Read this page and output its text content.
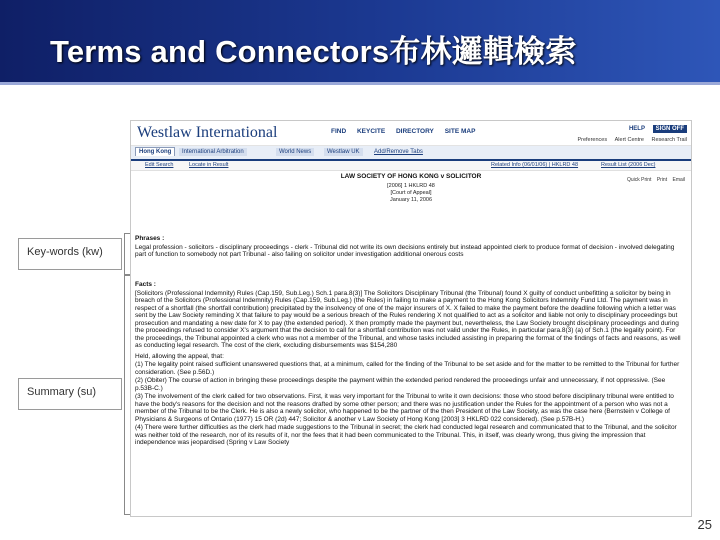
Terms and Connectors布林邏輯檢索
Key-words (kw)
Summary (su)
Westlaw International	FIND KEYCITE DIRECTORY SITE MAP	HELP SIGN OFF
Preferences Alert Centre Research Trail
Hong Kong	International Arbitration	World News	Westlaw UK	Add/Remove Tabs
Edit Search	Locate in Result	Related Info (06/01/06) | HKLRD 48	Result List (2006 Dec)
LAW SOCIETY OF HONG KONG v SOLICITOR
[2006] 1 HKLRD 48
[Court of Appeal]
January 11, 2006
Quick Print Print Email

Phrases :

Legal profession - solicitors - disciplinary proceedings - clerk - Tribunal did not write its own decisions entirely but instead appointed clerk to produce format of decision - involved delegating part of function to somebody not part Tribunal - also failing on solicitor under investigation additional onerous costs

Facts :

[Solicitors (Professional Indemnity) Rules (Cap.159, Sub.Leg.) Sch.1 para.8(3)] The Solicitors Disciplinary Tribunal (the Tribunal) found X guilty of conduct unbefitting a solicitor by being in breach of the Solicitors (Professional Indemnity) Rules (Cap.159, Sub.Leg.) (the Rules) in failing to make a payment to the Hong Kong Solicitors Indemnity Fund Ltd. The payment was in respect of a shortfall (the shortfall contribution) precipitated by the insolvency of one of the major insurers of X. X failed to make the payment before the deadline following which a letter was sent by the Law Society reminding X that failure to pay would be a serious breach of the Rules rendering X not qualified to act as a solicitor and liable not only to disciplinary proceedings but prosecution and mandating a new date for X to pay (the extended period). X then promptly made the payment but, nevertheless, the Law Society brought disciplinary proceedings and during the proceedings refused to consider X's argument that the decision to call for a shortfall contribution was not valid under the Rules, in particular para.8(3) (a) of Sch.1 (the legality point). For the proceedings, the Tribunal appointed a clerk who was not a member of the Tribunal, and whose tasks included assisting in preparing the format of the findings of facts and reasons, as well as conducting legal research. The cost of the clerk, excluding disbursements was $154,280

Held, allowing the appeal, that:

(1) The legality point raised sufficient unanswered questions that, at a minimum, called for the finding of the Tribunal to be set aside and for the matter to be remitted to the Tribunal for further consideration. (See p.56D.)

(2) (Obiter) The course of action in bringing these proceedings despite the payment within the extended period rendered the proceedings unfair and unnecessary, if not oppressive. (See p.53B-C.)

(3) The involvement of the clerk called for two observations. First, it was very important for the Tribunal to write it own decisions: those who stood before disciplinary tribunal were entitled to have the body's reasons for the decision and not the reasons drafted by some other person; and there was no justification under the Rules for the appointment of a person who was not a member of the Tribunal to be the Clerk. He is also a newly solicitor, who happened to be the partner of the then President of the Law Society, as was the case here (Bernstein v College of Physicians & Surgeons of Ontario (1977) 15 OR (2d) 447; Solicitor & another v Law Society of Hong Kong [2003] 3 HKLRD 022 considered). (See p.57B-H.)

(4) There were further difficulties as the clerk had made suggestions to the Tribunal in secret; the clerk had conducted legal research and communicated that to the Tribunal, and the solicitor was neither told of the research, nor of its results of it, nor the fees that it had been communicated to the Tribunal. This, in itself, was clearly wrong, thus giving the impression that independence was jeopardised (Spring v Law Society

25
